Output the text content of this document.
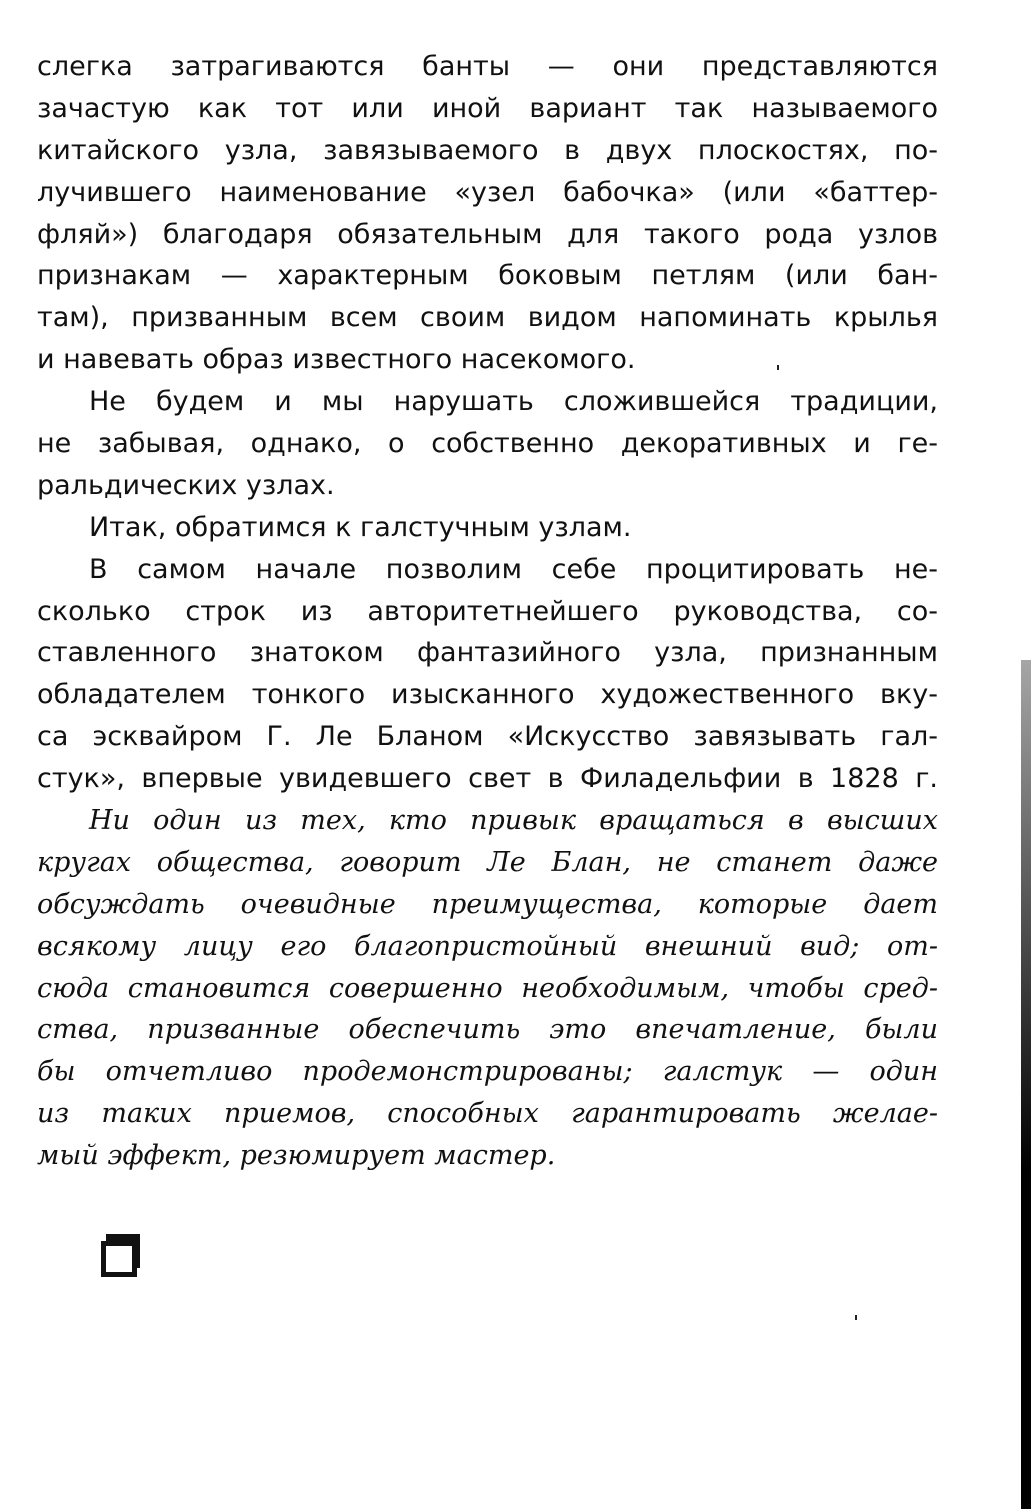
слегка затрагиваются банты — они представляются
зачастую как тот или иной вариант так называемого
китайского узла, завязываемого в двух плоскостях, по-
лучившего наименование «узел бабочка» (или «баттер-
фляй») благодаря обязательным для такого рода узлов
признакам — характерным боковым петлям (или бан-
там), призванным всем своим видом напоминать крылья
и навевать образ известного насекомого.
Не будем и мы нарушать сложившейся традиции,
не забывая, однако, о собственно декоративных и ге-
ральдических узлах.
Итак, обратимся к галстучным узлам.
В самом начале позволим себе процитировать не-
сколько строк из авторитетнейшего руководства, со-
ставленного знатоком фантазийного узла, признанным
обладателем тонкого изысканного художественного вку-
са эсквайром Г. Ле Бланом «Искусство завязывать гал-
стук», впервые увидевшего свет в Филадельфии в 1828 г.
Ни один из тех, кто привык вращаться в высших
кругах общества, говорит Ле Блан, не станет даже
обсуждать очевидные преимущества, которые дает
всякому лицу его благопристойный внешний вид; от-
сюда становится совершенно необходимым, чтобы сред-
ства, призванные обеспечить это впечатление, были
бы отчетливо продемонстрированы; галстук — один
из таких приемов, способных гарантировать желае-
мый эффект, резюмирует мастер.
